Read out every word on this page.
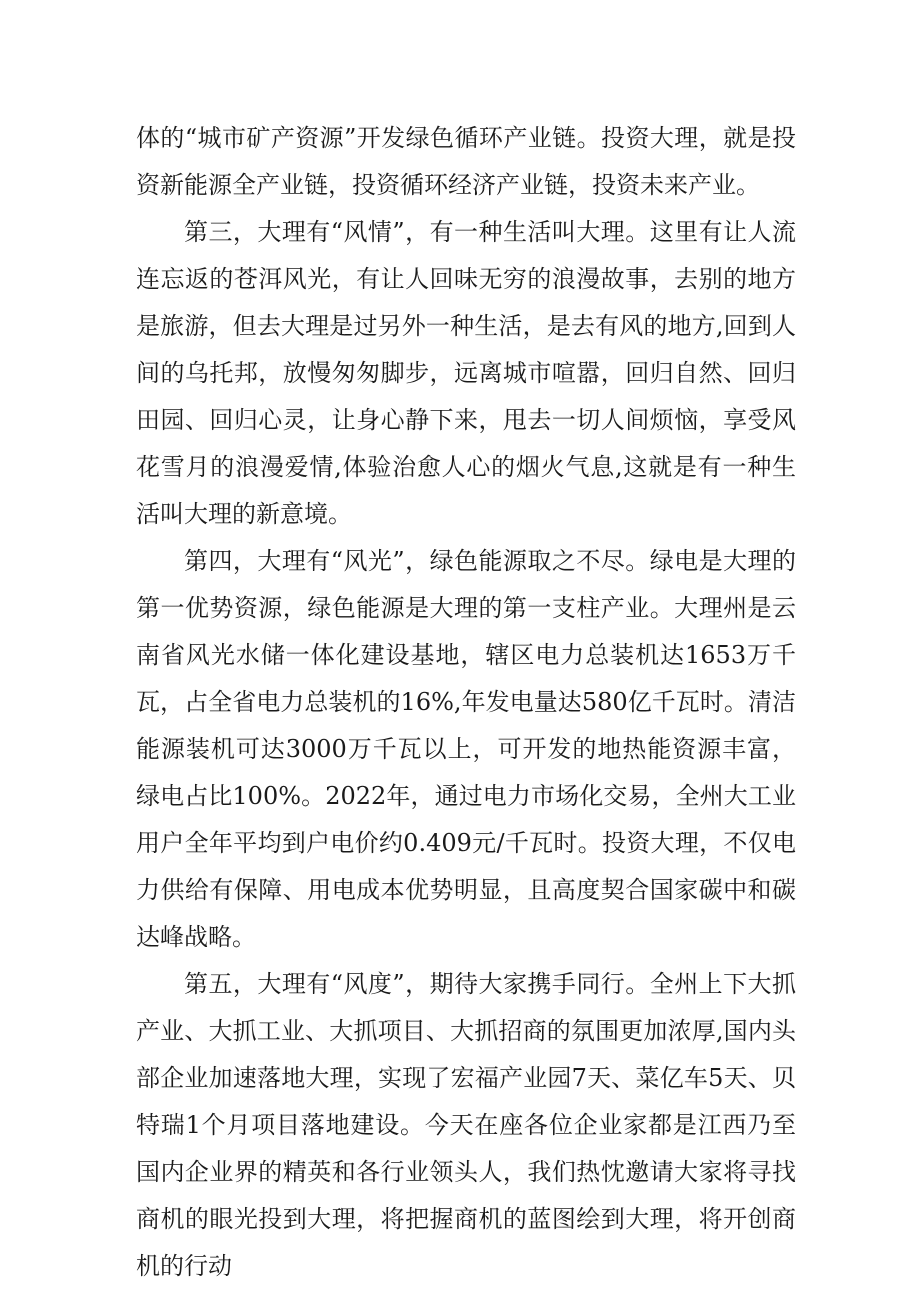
体的“城市矿产资源”开发绿色循环产业链。投资大理，就是投资新能源全产业链，投资循环经济产业链，投资未来产业。

第三，大理有“风情”，有一种生活叫大理。这里有让人流连忘返的苍洱风光，有让人回味无穷的浪漫故事，去别的地方是旅游，但去大理是过另外一种生活，是去有风的地方,回到人间的乌托邦，放慢匆匆脚步，远离城市喧嚣，回归自然、回归田园、回归心灵，让身心静下来，甩去一切人间烦恼，享受风花雪月的浪漫爱情,体验治愈人心的烟火气息,这就是有一种生活叫大理的新意境。

第四，大理有“风光”，绿色能源取之不尽。绿电是大理的第一优势资源，绿色能源是大理的第一支柱产业。大理州是云南省风光水储一体化建设基地，辖区电力总装机达1653万千瓦，占全省电力总装机的16%,年发电量达580亿千瓦时。清洁能源装机可达3000万千瓦以上，可开发的地热能资源丰富，绿电占比100%。2022年，通过电力市场化交易，全州大工业用户全年平均到户电价约0.409元/千瓦时。投资大理，不仅电力供给有保障、用电成本优势明显，且高度契合国家碳中和碳达峰战略。

第五，大理有“风度”，期待大家携手同行。全州上下大抓产业、大抓工业、大抓项目、大抓招商的氛围更加浓厚,国内头部企业加速落地大理，实现了宏福产业园7天、菜亿车5天、贝特瑞1个月项目落地建设。今天在座各位企业家都是江西乃至国内企业界的精英和各行业领头人，我们热忱邀请大家将寻找商机的眼光投到大理，将把握商机的蓝图绘到大理，将开创商机的行动
